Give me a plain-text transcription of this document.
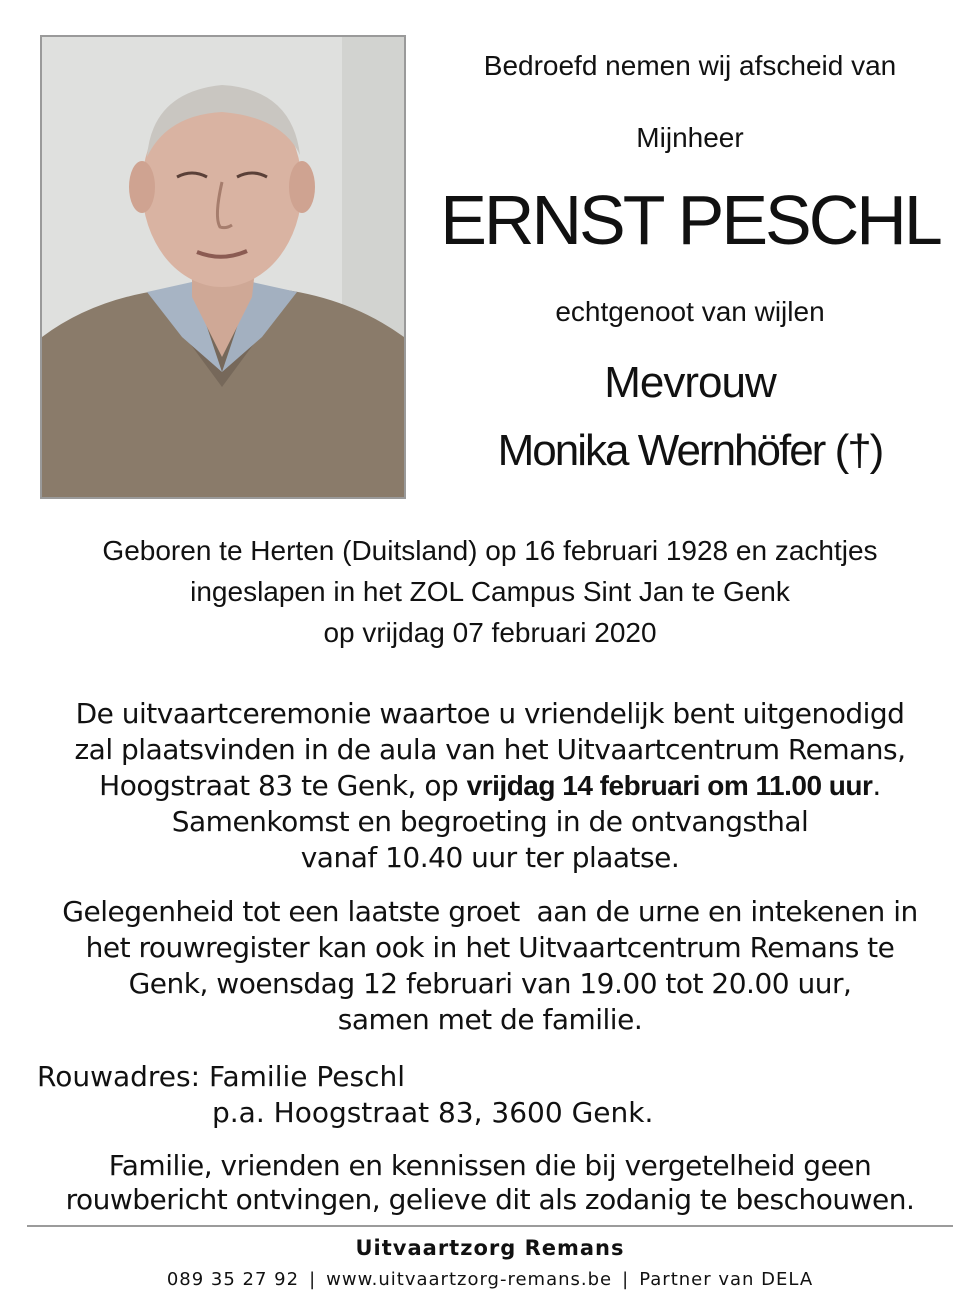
Bedroefd nemen wij afscheid van
Mijnheer
ERNST PESCHL
echtgenoot van wijlen
Mevrouw
Monika Wernhöfer (†)
Geboren te Herten (Duitsland) op 16 februari 1928 en zachtjes
ingeslapen in het ZOL Campus Sint Jan te Genk
op vrijdag 07 februari 2020
De uitvaartceremonie waartoe u vriendelijk bent uitgenodigd
zal plaatsvinden in de aula van het Uitvaartcentrum Remans,
Hoogstraat 83 te Genk, op vrijdag 14 februari om 11.00 uur.
Samenkomst en begroeting in de ontvangsthal
vanaf 10.40 uur ter plaatse.
Gelegenheid tot een laatste groet  aan de urne en intekenen in
het rouwregister kan ook in het Uitvaartcentrum Remans te
Genk, woensdag 12 februari van 19.00 tot 20.00 uur,
samen met de familie.
Rouwadres: Familie Peschl
p.a. Hoogstraat 83, 3600 Genk.
Familie, vrienden en kennissen die bij vergetelheid geen
rouwbericht ontvingen, gelieve dit als zodanig te beschouwen.
Uitvaartzorg Remans
089 35 27 92 | www.uitvaartzorg-remans.be | Partner van DELA
